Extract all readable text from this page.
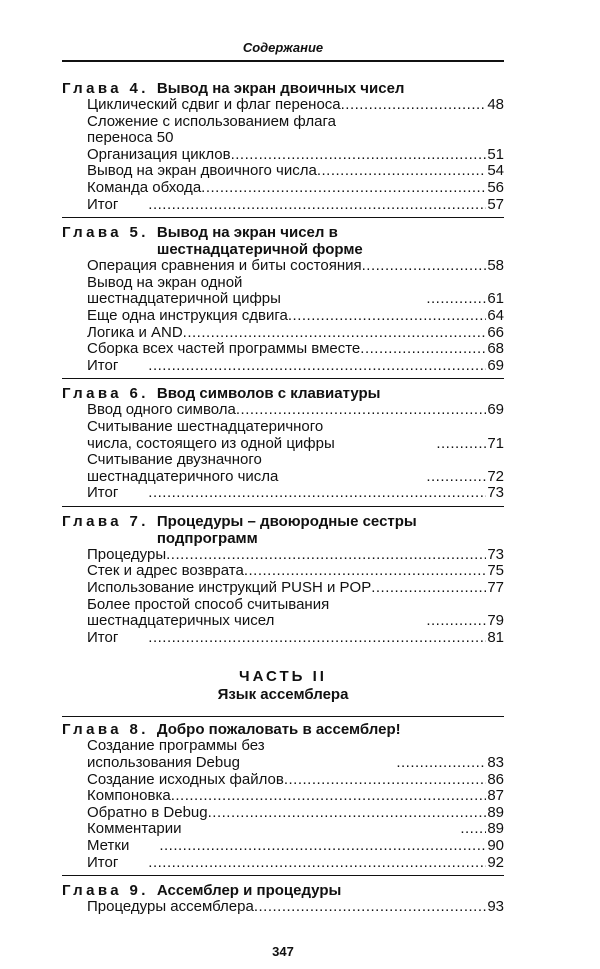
Содержание
Глава 4. Вывод на экран двоичных чисел
Циклический сдвиг и флаг переноса .....	48
Сложение с использованием флага переноса 50
Организация циклов .....	51
Вывод на экран двоичного числа .....	54
Команда обхода .....	56
Итог .....	57
Глава 5. Вывод на экран чисел в шестнадцатеричной форме
Операция сравнения и биты состояния .....	58
Вывод на экран одной шестнадцатеричной цифры .....	61
Еще одна инструкция сдвига .....	64
Логика и AND .....	66
Сборка всех частей программы вместе .....	68
Итог .....	69
Глава 6. Ввод символов с клавиатуры
Ввод одного символа .....	69
Считывание шестнадцатеричного числа, состоящего из одной цифры .....	71
Считывание двузначного шестнадцатеричного числа .....	72
Итог .....	73
Глава 7. Процедуры – двоюродные сестры подпрограмм
Процедуры .....	73
Стек и адрес возврата .....	75
Использование инструкций PUSH и POP .....	77
Более простой способ считывания шестнадцатеричных чисел .....	79
Итог .....	81
ЧАСТЬ II
Язык ассемблера
Глава 8. Добро пожаловать в ассемблер!
Создание программы без использования Debug .....	83
Создание исходных файлов .....	86
Компоновка .....	87
Обратно в Debug .....	89
Комментарии .....	89
Метки .....	90
Итог .....	92
Глава 9. Ассемблер и процедуры
Процедуры ассемблера .....	93
347
